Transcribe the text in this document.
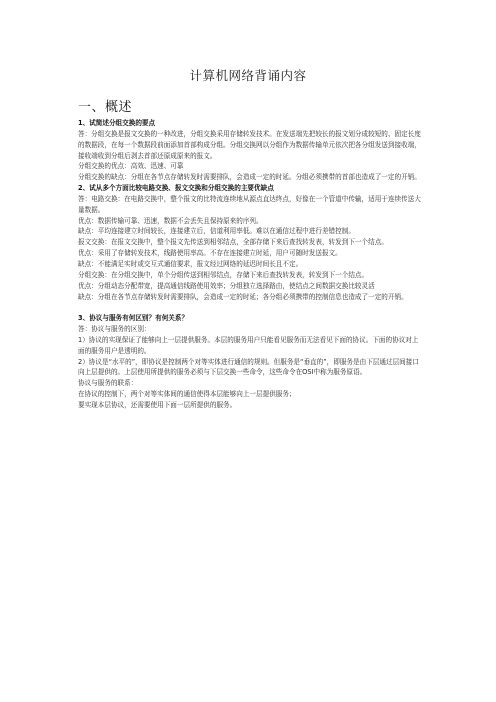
计算机网络背诵内容
一、概述

1、试简述分组交换的要点

答：分组交换是报文交换的一种改进，分组交换采用存储转发技术。在发送端先把较长的报文划分成较短的、固定长度的数据段，在每一个数据段前面添加首部构成分组。分组交换网以分组作为数据传输单元依次把各分组发送到接收端，接收端收到分组后剥去首部还原成原来的报文。

分组交换的优点：高效、迅速、可靠

分组交换的缺点：分组在各节点存储转发时需要排队，会造成一定的时延。分组必须携带的首部也造成了一定的开销。

2、试从多个方面比较电路交换、报文交换和分组交换的主要优缺点

答：电路交换：在电路交换中，整个报文的比特流连续地从源点直达终点，好像在一个管道中传输，适用于连续传送大量数据。

优点：数据传输可靠、迅速，数据不会丢失且保持原来的序列。

缺点：平均连接建立时间较长，连接建立后，信道利用率低。难以在通信过程中进行差错控制。

报文交换：在报文交换中，整个报文先传送到相邻结点，全部存储下来后查找转发表，转发到下一个结点。

优点：采用了存储转发技术，线路使用率高。不存在连接建立时延，用户可随时发送报文。

缺点：不能满足实时或交互式通信要求，报文经过网络的延迟时间长且不定。

分组交换：在分组交换中，单个分组传送到相邻结点，存储下来后查找转发表，转发到下一个结点。

优点：分组动态分配带宽，提高通信线路使用效率；分组独立选择路由，使结点之间数据交换比较灵活

缺点：分组在各节点存储转发时需要排队，会造成一定的时延；各分组必须携带的控制信息也造成了一定的开销。

3、协议与服务有何区别？有何关系？

答：协议与服务的区别：

1）协议的实现保证了能够向上一层提供服务。本层的服务用户只能看见服务而无法看见下面的协议。下面的协议对上面的服务用户是透明的。

2）协议是“水平的”，即协议是控制两个对等实体进行通信的规则。但服务是“垂直的”，即服务是由下层通过层间接口向上层提供的。上层使用所提供的服务必须与下层交换一些命令，这些命令在OSI中称为服务原语。

协议与服务的联系：

在协议的控制下，两个对等实体间的通信使得本层能够向上一层提供服务；

要实现本层协议，还需要使用下面一层所提供的服务。
